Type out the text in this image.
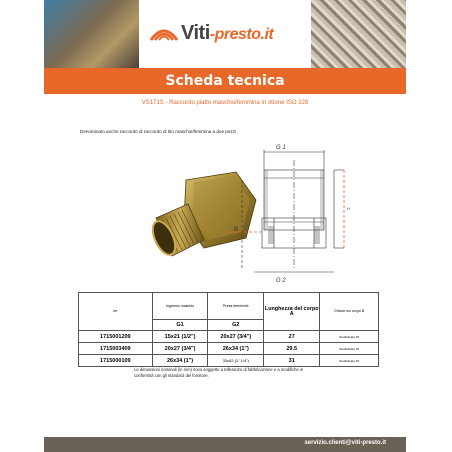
Viti-presto.it
Scheda tecnica
VS171S - Raccordo piatto maschio/femmina in ottone ISO 228
Denominato anche raccordo di raccordo di tito maschio/femmina a due pezzi
G 1
G 2
B
H
rer	Ingresso maschio	Presa femminile	Lunghezza del corpo A	Chiave sul corpo B
	G1	G2		
1715001209	15x21 (1/2")	20x27 (3/4")	27	Studiolinato 29
1715003409	20x27 (3/4")	26x34 (1")	29.5	Studiolinato 36
1715000109	26x34 (1")	33x42 (1" 1/4")	31	Studiolinato 45
Le dimensioni nominali (in mm) sono soggette a tolleranze di fabbricazione e a modifiche in conformità con gli standard del fornitore.
servizio.clienti@viti-presto.it
